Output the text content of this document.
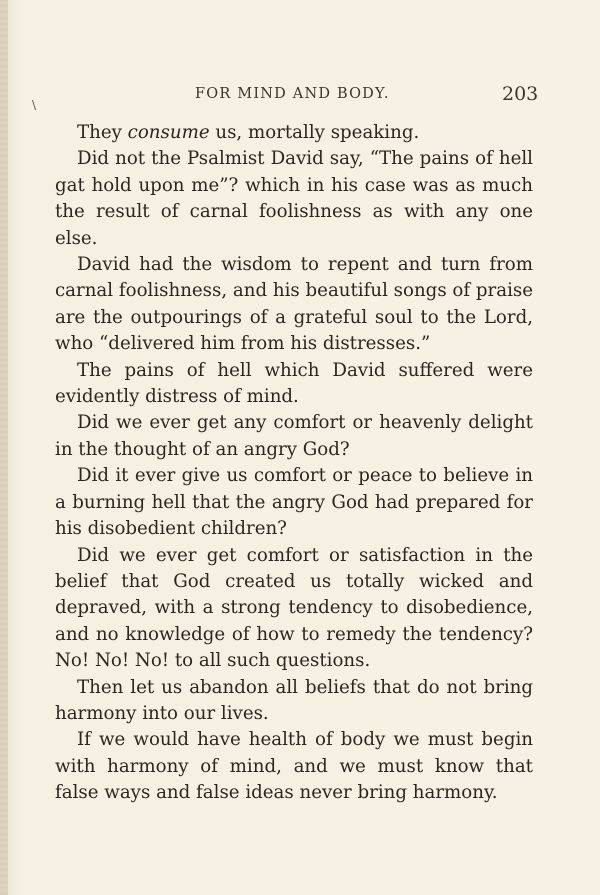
\
FOR MIND AND BODY.	203

They consume us, mortally speaking.

Did not the Psalmist David say, “The pains of hell gat hold upon me”? which in his case was as much the result of carnal foolishness as with any one else.

David had the wisdom to repent and turn from carnal foolishness, and his beautiful songs of praise are the outpourings of a grateful soul to the Lord, who “delivered him from his distresses.”

The pains of hell which David suffered were evidently distress of mind.

Did we ever get any comfort or heavenly delight in the thought of an angry God?

Did it ever give us comfort or peace to believe in a burning hell that the angry God had prepared for his disobedient children?

Did we ever get comfort or satisfaction in the belief that God created us totally wicked and depraved, with a strong tendency to disobedience, and no knowledge of how to remedy the tendency? No! No! No! to all such questions.

Then let us abandon all beliefs that do not bring harmony into our lives.

If we would have health of body we must begin with harmony of mind, and we must know that false ways and false ideas never bring harmony.
